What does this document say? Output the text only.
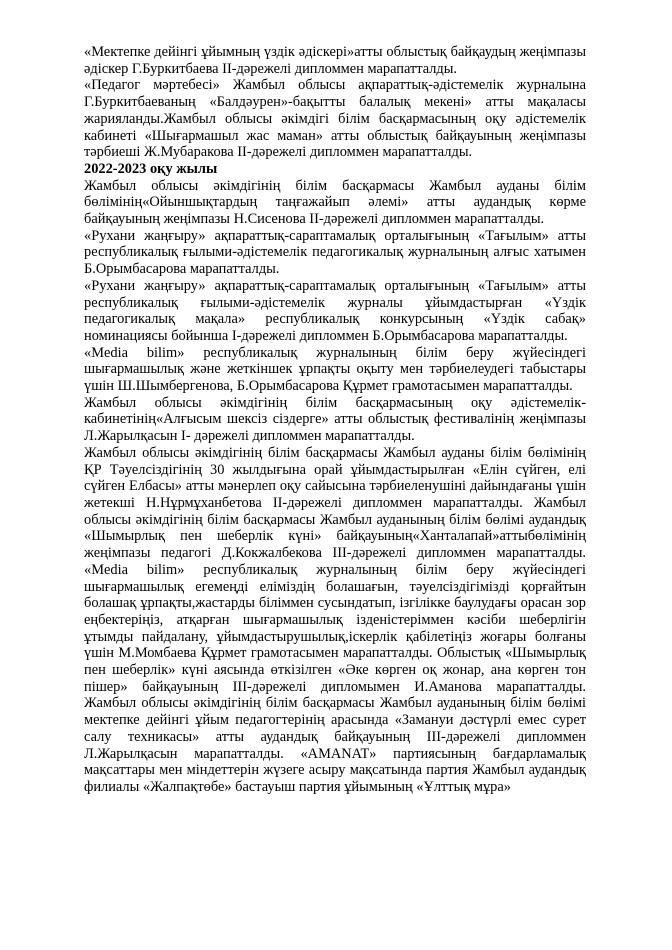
«Мектепке дейінгі ұйымның үздік әдіскері»атты облыстық байқаудың жеңімпазы әдіскер Г.Буркитбаева ІІ-дәрежелі дипломмен марапатталды.

«Педагог мәртебесі» Жамбыл облысы ақпараттық-әдістемелік журналына Г.Буркитбаеваның «Балдәурен»-бақытты балалық мекені» атты мақаласы жарияланды.Жамбыл облысы әкімдігі білім басқармасының оқу әдістемелік кабинеті «Шығармашыл жас маман» атты облыстық байқауының жеңімпазы тәрбиеші Ж.Мубаракова ІІ-дәрежелі дипломмен марапатталды.

2022-2023 оқу жылы

Жамбыл облысы әкімдігінің білім басқармасы Жамбыл ауданы білім бөлімінің«Ойыншықтардың таңғажайып әлемі» атты аудандық көрме байқауының жеңімпазы Н.Сисенова ІІ-дәрежелі дипломмен марапатталды.

«Рухани жаңғыру» ақпараттық-сараптамалық орталығының «Тағылым» атты республикалық ғылыми-әдістемелік педагогикалық журналының алғыс хатымен Б.Орымбасарова марапатталды.

«Рухани жаңғыру» ақпараттық-сараптамалық орталығының «Тағылым» атты республикалық ғылыми-әдістемелік журналы ұйымдастырған «Үздік педагогикалық мақала» республикалық конкурсының «Үздік сабақ» номинациясы бойынша І-дәрежелі дипломмен Б.Орымбасарова марапатталды.

«Media bilim» республикалық журналының білім беру жүйесіндегі шығармашылық және жеткіншек ұрпақты оқыту мен тәрбиелеудегі табыстары үшін Ш.Шымбергенова, Б.Орымбасарова Құрмет грамотасымен марапатталды.

Жамбыл облысы әкімдігінің білім басқармасының оқу әдістемелік-кабинетінің«Алғысым шексіз сіздерге» атты облыстық фестивалінің жеңімпазы Л.Жарылқасын І- дәрежелі дипломмен марапатталды.

Жамбыл облысы әкімдігінің білім басқармасы Жамбыл ауданы білім бөлімінің ҚР Тәуелсіздігінің 30 жылдығына орай ұйымдастырылған «Елін сүйген, елі сүйген Елбасы» атты мәнерлеп оқу сайысына тәрбиеленушіні дайындағаны үшін жетекші Н.Нұрмұханбетова ІІ-дәрежелі дипломмен марапатталды. Жамбыл облысы әкімдігінің білім басқармасы Жамбыл ауданының білім бөлімі аудандық «Шымырлық пен шеберлік күні» байқауының«Ханталапай»аттыбөлімінің жеңімпазы педагогі Д.Кокжалбекова ІІІ-дәрежелі дипломмен марапатталды. «Media bilim» республикалық журналының білім беру жүйесіндегі шығармашылық егемеңді еліміздің болашағын, тәуелсіздігімізді қорғайтын болашақ ұрпақты,жастарды біліммен сусындатып, ізгілікке баулудағы орасан зор еңбектеріңіз, атқарған шығармашылық ізденістеріммен кәсіби шеберлігін ұтымды пайдалану, ұйымдастырушылық,іскерлік қабілетіңіз жоғары болғаны үшін М.Момбаева Құрмет грамотасымен марапатталды. Облыстық «Шымырлық пен шеберлік» күні аясында өткізілген «Әке көрген оқ жонар, ана көрген тон пішер» байқауының ІІІ-дәрежелі дипломымен И.Аманова марапатталды. Жамбыл облысы әкімдігінің білім басқармасы Жамбыл ауданының білім бөлімі мектепке дейінгі ұйым педагогтерінің арасында «Замануи дәстүрлі емес сурет салу техникасы» атты аудандық байқауының ІІІ-дәрежелі дипломмен Л.Жарылқасын марапатталды. «AMANAT» партиясының бағдарламалық мақсаттары мен міндеттерін жүзеге асыру мақсатында партия Жамбыл аудандық филиалы «Жалпақтөбе» бастауыш партия ұйымының «Ұлттық мұра»
